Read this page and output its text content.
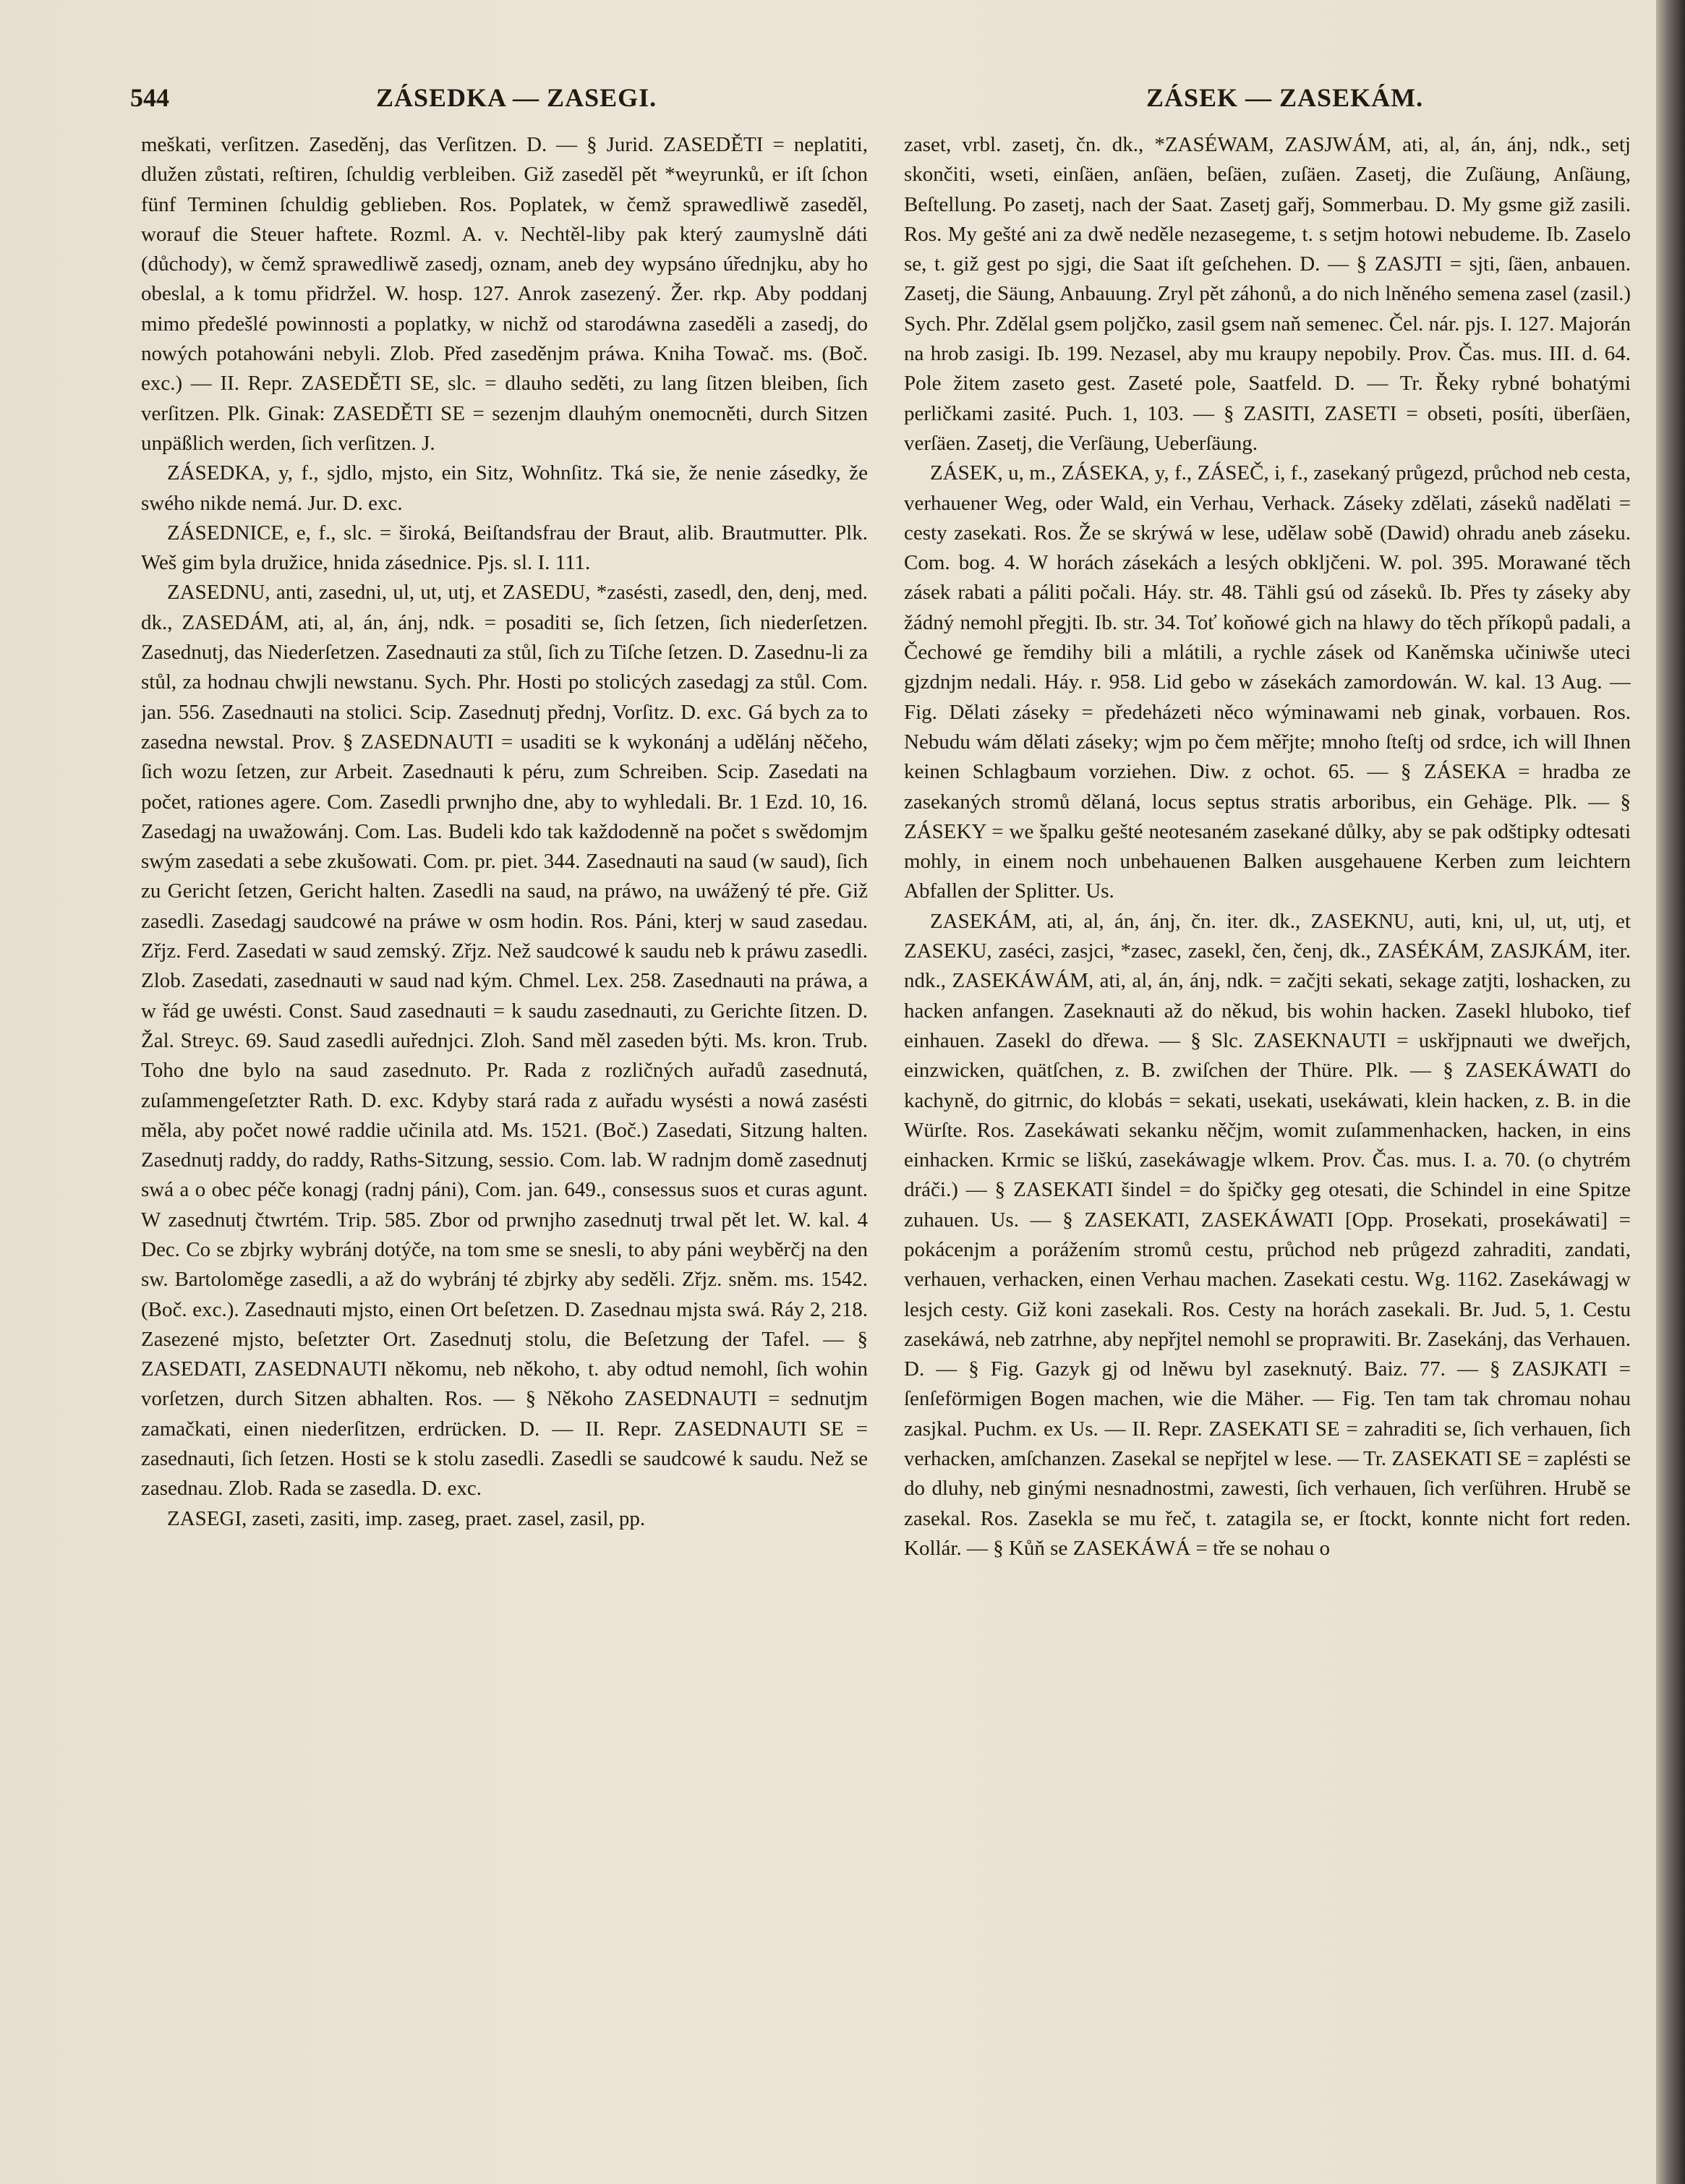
544	ZÁSEDKA — ZASEGI.	ZÁSEK — ZASEKÁM.

meškati, verſitzen. Zaseděnj, das Verſitzen. D. — § Jurid. ZASEDĚTI = neplatiti, dlužen zůstati, reſtiren, ſchuldig verbleiben. Giž zaseděl pět *weyrunků, er iſt ſchon fünf Terminen ſchuldig geblieben. Ros. Poplatek, w čemž sprawedliwě zaseděl, worauf die Steuer haftete. Rozml. A. v. Nechtěl-liby pak který zaumyslně dáti (důchody), w čemž sprawedliwě zasedj, oznam, aneb dey wypsáno úřednjku, aby ho obeslal, a k tomu přidržel. W. hosp. 127. Anrok zasezený. Žer. rkp. Aby poddanj mimo předešlé powinnosti a poplatky, w nichž od starodáwna zaseděli a zasedj, do nowých potahowáni nebyli. Zlob. Před zaseděnjm práwa. Kniha Towač. ms. (Boč. exc.) — II. Repr. ZASEDĚTI SE, slc. = dlauho seděti, zu lang ſitzen bleiben, ſich verſitzen. Plk. Ginak: ZASEDĚTI SE = sezenjm dlauhým onemocněti, durch Sitzen unpäßlich werden, ſich verſitzen. J.

ZÁSEDKA, y, f., sjdlo, mjsto, ein Sitz, Wohnſitz. Tká sie, že nenie zásedky, že swého nikde nemá. Jur. D. exc.

ZÁSEDNICE, e, f., slc. = široká, Beiſtandsfrau der Braut, alib. Brautmutter. Plk. Weš gim byla družice, hnida zásednice. Pjs. sl. I. 111.

ZASEDNU, anti, zasedni, ul, ut, utj, et ZASEDU, *zasésti, zasedl, den, denj, med. dk., ZASEDÁM, ati, al, án, ánj, ndk. = posaditi se, ſich ſetzen, ſich niederſetzen. Zasednutj, das Niederſetzen. Zasednauti za stůl, ſich zu Tiſche ſetzen. D. Zasednu-li za stůl, za hodnau chwjli newstanu. Sych. Phr. Hosti po stolicých zasedagj za stůl. Com. jan. 556. Zasednauti na stolici. Scip. Zasednutj přednj, Vorſitz. D. exc. Gá bych za to zasedna newstal. Prov. § ZASEDNAUTI = usaditi se k wykonánj a udělánj něčeho, ſich wozu ſetzen, zur Arbeit. Zasednauti k péru, zum Schreiben. Scip. Zasedati na počet, rationes agere. Com. Zasedli prwnjho dne, aby to wyhledali. Br. 1 Ezd. 10, 16. Zasedagj na uwažowánj. Com. Las. Budeli kdo tak každodenně na počet s swědomjm swým zasedati a sebe zkušowati. Com. pr. piet. 344. Zasednauti na saud (w saud), ſich zu Gericht ſetzen, Gericht halten. Zasedli na saud, na práwo, na uwážený té pře. Giž zasedli. Zasedagj saudcowé na práwe w osm hodin. Ros. Páni, kterj w saud zasedau. Zřjz. Ferd. Zasedati w saud zemský. Zřjz. Než saudcowé k saudu neb k práwu zasedli. Zlob. Zasedati, zasednauti w saud nad kým. Chmel. Lex. 258. Zasednauti na práwa, a w řád ge uwésti. Const. Saud zasednauti = k saudu zasednauti, zu Gerichte ſitzen. D. Žal. Streyc. 69. Saud zasedli auřednjci. Zloh. Sand měl zaseden býti. Ms. kron. Trub. Toho dne bylo na saud zasednuto. Pr. Rada z rozličných auřadů zasednutá, zuſammengeſetzter Rath. D. exc. Kdyby stará rada z auřadu wysésti a nowá zasésti měla, aby počet nowé raddie učinila atd. Ms. 1521. (Boč.) Zasedati, Sitzung halten. Zasednutj raddy, do raddy, Raths-Sitzung, sessio. Com. lab. W radnjm domě zasednutj swá a o obec péče konagj (radnj páni), Com. jan. 649., consessus suos et curas agunt. W zasednutj čtwrtém. Trip. 585. Zbor od prwnjho zasednutj trwal pět let. W. kal. 4 Dec. Co se zbjrky wybránj dotýče, na tom sme se snesli, to aby páni weyběrčj na den sw. Bartoloměge zasedli, a až do wybránj té zbjrky aby seděli. Zřjz. sněm. ms. 1542. (Boč. exc.). Zasednauti mjsto, einen Ort beſetzen. D. Zasednau mjsta swá. Ráy 2, 218. Zasezené mjsto, beſetzter Ort. Zasednutj stolu, die Beſetzung der Tafel. — § ZASEDATI, ZASEDNAUTI někomu, neb někoho, t. aby odtud nemohl, ſich wohin vorſetzen, durch Sitzen abhalten. Ros. — § Někoho ZASEDNAUTI = sednutjm zamačkati, einen niederſitzen, erdrücken. D. — II. Repr. ZASEDNAUTI SE = zasednauti, ſich ſetzen. Hosti se k stolu zasedli. Zasedli se saudcowé k saudu. Než se zasednau. Zlob. Rada se zasedla. D. exc.

ZASEGI, zaseti, zasiti, imp. zaseg, praet. zasel, zasil, pp.

zaset, vrbl. zasetj, čn. dk., *ZASÉWAM, ZASJWÁM, ati, al, án, ánj, ndk., setj skončiti, wseti, einſäen, anſäen, beſäen, zuſäen. Zasetj, die Zuſäung, Anſäung, Beſtellung. Po zasetj, nach der Saat. Zasetj gařj, Sommerbau. D. My gsme giž zasili. Ros. My gešté ani za dwě neděle nezasegeme, t. s setjm hotowi nebudeme. Ib. Zaselo se, t. giž gest po sjgi, die Saat iſt geſchehen. D. — § ZASJTI = sjti, ſäen, anbauen. Zasetj, die Säung, Anbauung. Zryl pět záhonů, a do nich lněného semena zasel (zasil.) Sych. Phr. Zdělal gsem poljčko, zasil gsem naň semenec. Čel. nár. pjs. I. 127. Majorán na hrob zasigi. Ib. 199. Nezasel, aby mu kraupy nepobily. Prov. Čas. mus. III. d. 64. Pole žitem zaseto gest. Zaseté pole, Saatfeld. D. — Tr. Řeky rybné bohatými perličkami zasité. Puch. 1, 103. — § ZASITI, ZASETI = obseti, posíti, überſäen, verſäen. Zasetj, die Verſäung, Ueberſäung.

ZÁSEK, u, m., ZÁSEKA, y, f., ZÁSEČ, i, f., zasekaný průgezd, průchod neb cesta, verhauener Weg, oder Wald, ein Verhau, Verhack. Záseky zdělati, záseků nadělati = cesty zasekati. Ros. Že se skrýwá w lese, udělaw sobě (Dawid) ohradu aneb záseku. Com. bog. 4. W horách zásekách a lesých obkljčeni. W. pol. 395. Morawané těch zásek rabati a páliti počali. Háy. str. 48. Tähli gsú od záseků. Ib. Přes ty záseky aby žádný nemohl přegjti. Ib. str. 34. Toť koňowé gich na hlawy do těch příkopů padali, a Čechowé ge řemdihy bili a mlátili, a rychle zásek od Kaněmska učiniwše uteci gjzdnjm nedali. Háy. r. 958. Lid gebo w zásekách zamordowán. W. kal. 13 Aug. — Fig. Dělati záseky = předeházeti něco wýminawami neb ginak, vorbauen. Ros. Nebudu wám dělati záseky; wjm po čem měřjte; mnoho ſteſtj od srdce, ich will Ihnen keinen Schlagbaum vorziehen. Diw. z ochot. 65. — § ZÁSEKA = hradba ze zasekaných stromů dělaná, locus septus stratis arboribus, ein Gehäge. Plk. — § ZÁSEKY = we špalku gešté neotesaném zasekané důlky, aby se pak odštipky odtesati mohly, in einem noch unbehauenen Balken ausgehauene Kerben zum leichtern Abfallen der Splitter. Us.

ZASEKÁM, ati, al, án, ánj, čn. iter. dk., ZASEKNU, auti, kni, ul, ut, utj, et ZASEKU, zaséci, zasjci, *zasec, zasekl, čen, čenj, dk., ZASÉKÁM, ZASJKÁM, iter. ndk., ZASEKÁWÁM, ati, al, án, ánj, ndk. = začjti sekati, sekage zatjti, loshacken, zu hacken anfangen. Zaseknauti až do někud, bis wohin hacken. Zasekl hluboko, tief einhauen. Zasekl do dřewa. — § Slc. ZASEKNAUTI = uskřjpnauti we dweřjch, einzwicken, quätſchen, z. B. zwiſchen der Thüre. Plk. — § ZASEKÁWATI do kachyně, do gitrnic, do klobás = sekati, usekati, usekáwati, klein hacken, z. B. in die Würſte. Ros. Zasekáwati sekanku něčjm, womit zuſammenhacken, hacken, in eins einhacken. Krmic se liškú, zasekáwagje wlkem. Prov. Čas. mus. I. a. 70. (o chytrém dráči.) — § ZASEKATI šindel = do špičky geg otesati, die Schindel in eine Spitze zuhauen. Us. — § ZASEKATI, ZASEKÁWATI [Opp. Prosekati, prosekáwati] = pokácenjm a porážením stromů cestu, průchod neb průgezd zahraditi, zandati, verhauen, verhacken, einen Verhau machen. Zasekati cestu. Wg. 1162. Zasekáwagj w lesjch cesty. Giž koni zasekali. Ros. Cesty na horách zasekali. Br. Jud. 5, 1. Cestu zasekáwá, neb zatrhne, aby nepřjtel nemohl se proprawiti. Br. Zasekánj, das Verhauen. D. — § Fig. Gazyk gj od lněwu byl zaseknutý. Baiz. 77. — § ZASJKATI = ſenſeförmigen Bogen machen, wie die Mäher. — Fig. Ten tam tak chromau nohau zasjkal. Puchm. ex Us. — II. Repr. ZASEKATI SE = zahraditi se, ſich verhauen, ſich verhacken, amſchanzen. Zasekal se nepřjtel w lese. — Tr. ZASEKATI SE = zaplésti se do dluhy, neb ginými nesnadnostmi, zawesti, ſich verhauen, ſich verſühren. Hrubě se zasekal. Ros. Zasekla se mu řeč, t. zatagila se, er ſtockt, konnte nicht fort reden. Kollár. — § Kůň se ZASEKÁWÁ = tře se nohau o
